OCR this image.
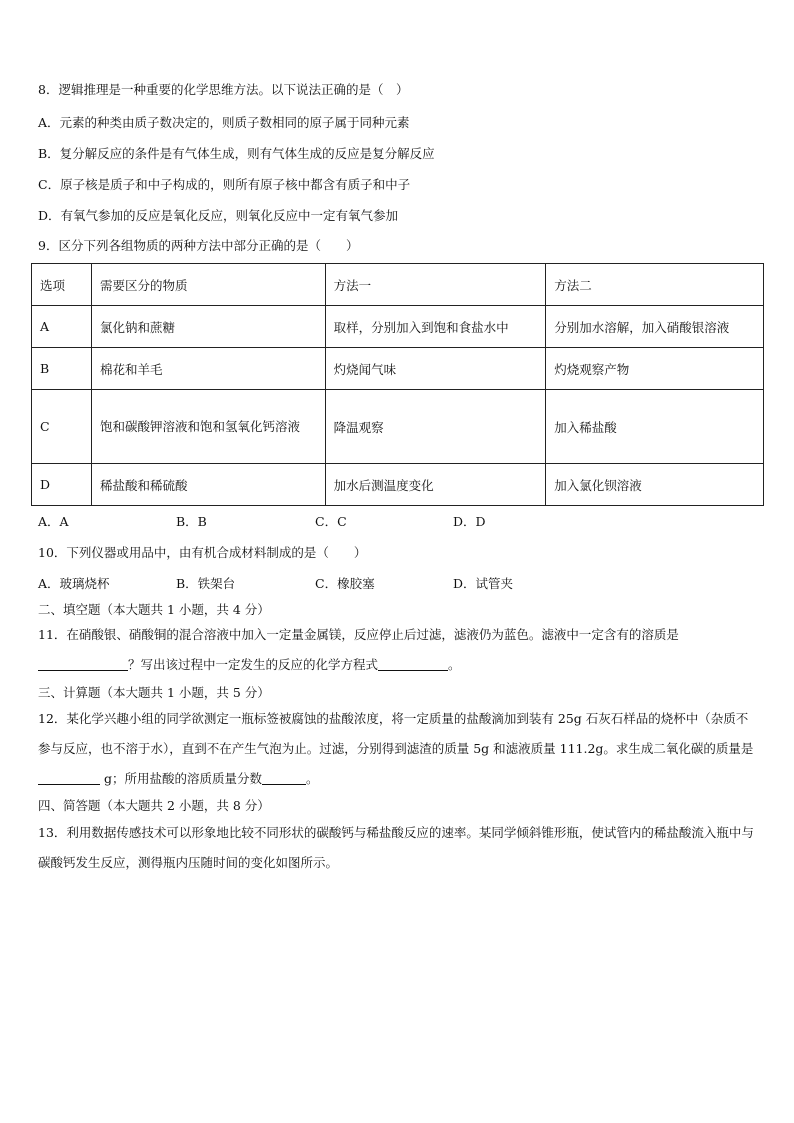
8．逻辑推理是一种重要的化学思维方法。以下说法正确的是（　）
A．元素的种类由质子数决定的，则质子数相同的原子属于同种元素
B．复分解反应的条件是有气体生成，则有气体生成的反应是复分解反应
C．原子核是质子和中子构成的，则所有原子核中都含有质子和中子
D．有氧气参加的反应是氧化反应，则氧化反应中一定有氧气参加
9．区分下列各组物质的两种方法中部分正确的是（　　）
选项	需要区分的物质	方法一	方法二
A	氯化钠和蔗糖	取样，分别加入到饱和食盐水中	分别加水溶解，加入硝酸银溶液
B	棉花和羊毛	灼烧闻气味	灼烧观察产物
C	饱和碳酸钾溶液和饱和氢氧化钙溶液	降温观察	加入稀盐酸
D	稀盐酸和稀硫酸	加水后测温度变化	加入氯化钡溶液
A．A	B．B	C．C	D．D
10．下列仪器或用品中，由有机合成材料制成的是（　　）
A．玻璃烧杯	B．铁架台	C．橡胶塞	D．试管夹
二、填空题（本大题共 1 小题，共 4 分）
11．在硝酸银、硝酸铜的混合溶液中加入一定量金属镁，反应停止后过滤，滤液仍为蓝色。滤液中一定含有的溶质是？写出该过程中一定发生的反应的化学方程式	。
三、计算题（本大题共 1 小题，共 5 分）
12．某化学兴趣小组的同学欲测定一瓶标签被腐蚀的盐酸浓度，将一定质量的盐酸滴加到装有 25g 石灰石样品的烧杯中（杂质不参与反应，也不溶于水），直到不在产生气泡为止。过滤，分别得到滤渣的质量 5g 和滤液质量 111.2g。求生成二氧化碳的质量是 g；所用盐酸的溶质质量分数	。
四、简答题（本大题共 2 小题，共 8 分）
13．利用数据传感技术可以形象地比较不同形状的碳酸钙与稀盐酸反应的速率。某同学倾斜锥形瓶，使试管内的稀盐酸流入瓶中与碳酸钙发生反应，测得瓶内压随时间的变化如图所示。
